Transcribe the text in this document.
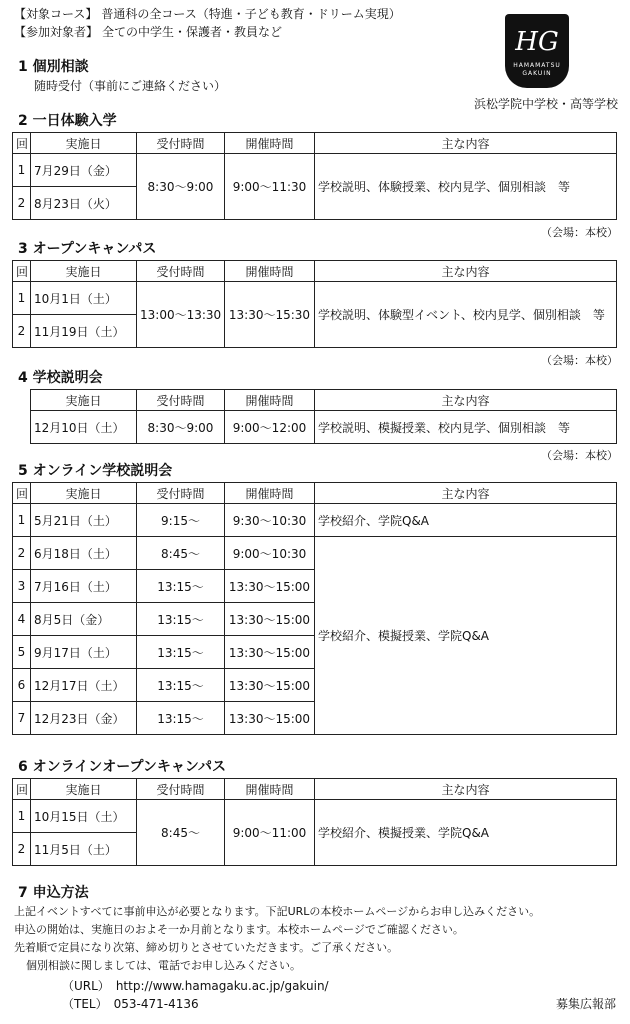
【対象コース】 普通科の全コース（特進・子ども教育・ドリーム実現）
【参加対象者】 全ての中学生・保護者・教員など	HG
HAMAMATSU
GAKUIN
浜松学院中学校・高等学校
1 個別相談
随時受付（事前にご連絡ください）
2 一日体験入学
回	実施日	受付時間	開催時間	主な内容
1	7月29日（金）	8:30～9:00	9:00～11:30	学校説明、体験授業、校内見学、個別相談　等
2	8月23日（火）			
（会場：本校）
3 オープンキャンパス
回	実施日	受付時間	開催時間	主な内容
1	10月1日（土）	13:00～13:30	13:30～15:30	学校説明、体験型イベント、校内見学、個別相談　等
2	11月19日（土）			
（会場：本校）
4 学校説明会
実施日	受付時間	開催時間	主な内容
12月10日（土）	8:30～9:00	9:00～12:00	学校説明、模擬授業、校内見学、個別相談　等
（会場：本校）
5 オンライン学校説明会
回	実施日	受付時間	開催時間	主な内容
1	5月21日（土）	9:15～	9:30～10:30	学校紹介、学院Q&A
2	6月18日（土）	8:45～	9:00～10:30	学校紹介、模擬授業、学院Q&A
3	7月16日（土）	13:15～	13:30～15:00	
4	8月5日（金）	13:15～	13:30～15:00	
5	9月17日（土）	13:15～	13:30～15:00	
6	12月17日（土）	13:15～	13:30～15:00	
7	12月23日（金）	13:15～	13:30～15:00	
6 オンラインオープンキャンパス
回	実施日	受付時間	開催時間	主な内容
1	10月15日（土）	8:45～	9:00～11:00	学校紹介、模擬授業、学院Q&A
2	11月5日（土）			
7 申込方法
上記イベントすべてに事前申込が必要となります。下記URLの本校ホームページからお申し込みください。
申込の開始は、実施日のおよそ一か月前となります。本校ホームページでご確認ください。
先着順で定員になり次第、締め切りとさせていただきます。ご了承ください。
個別相談に関しましては、電話でお申し込みください。
（URL） http://www.hamagaku.ac.jp/gakuin/
（TEL） 053-471-4136	募集広報部
